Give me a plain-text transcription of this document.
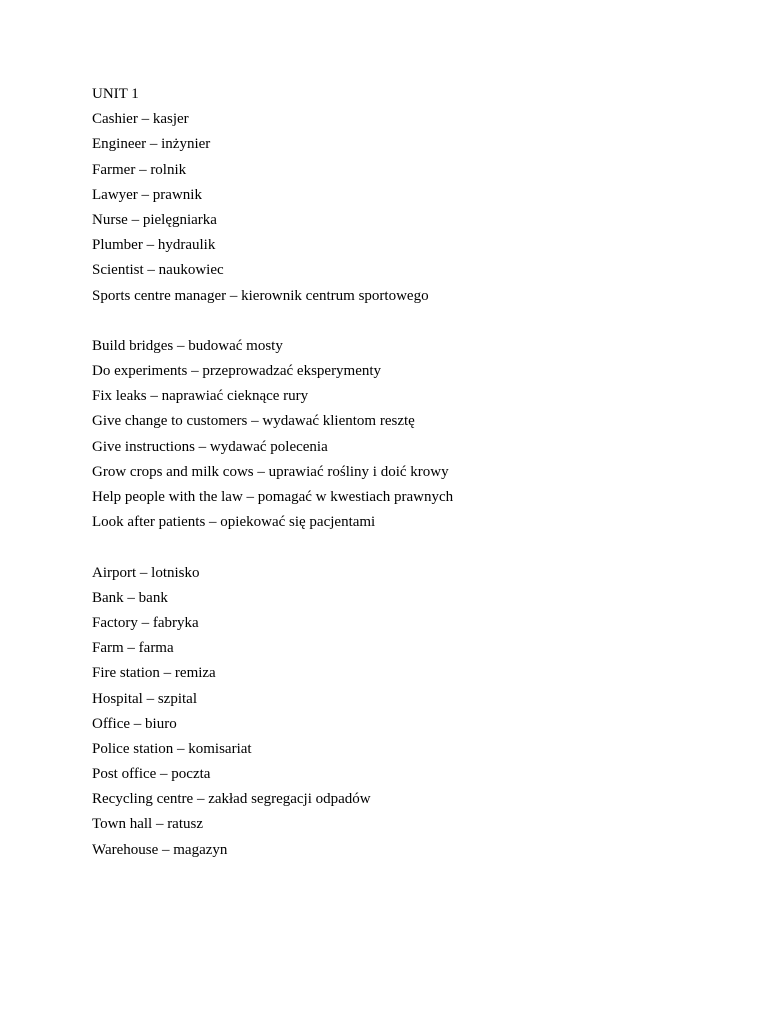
UNIT 1
Cashier – kasjer
Engineer – inżynier
Farmer – rolnik
Lawyer – prawnik
Nurse – pielęgniarka
Plumber – hydraulik
Scientist – naukowiec
Sports centre manager – kierownik centrum sportowego
Build bridges – budować mosty
Do experiments – przeprowadzać eksperymenty
Fix leaks – naprawiać cieknące rury
Give change to customers – wydawać klientom resztę
Give instructions – wydawać polecenia
Grow crops and milk cows – uprawiać rośliny i doić krowy
Help people with the law – pomagać w kwestiach prawnych
Look after patients – opiekować się pacjentami
Airport – lotnisko
Bank – bank
Factory – fabryka
Farm – farma
Fire station – remiza
Hospital – szpital
Office – biuro
Police station – komisariat
Post office – poczta
Recycling centre – zakład segregacji odpadów
Town hall – ratusz
Warehouse – magazyn
